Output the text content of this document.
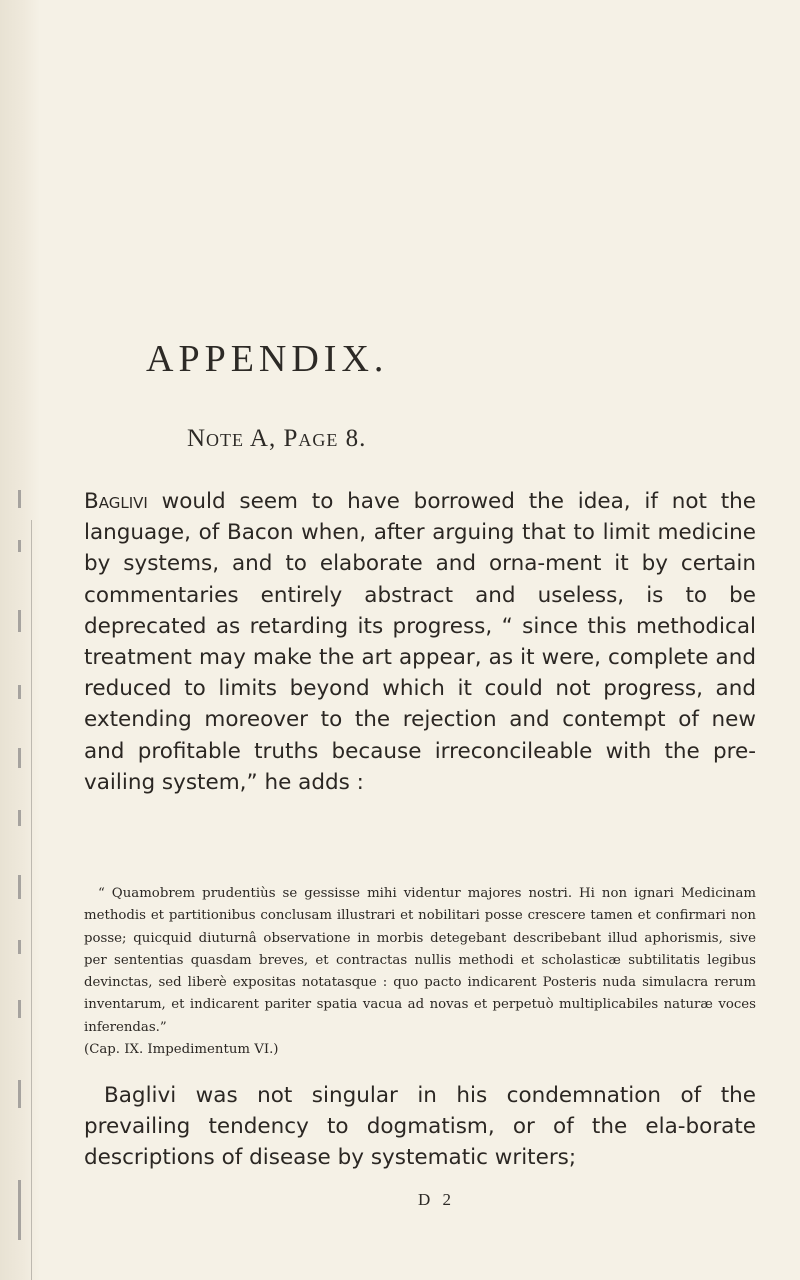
APPENDIX.
Note A, Page 8.

Baglivi would seem to have borrowed the idea, if not the language, of Bacon when, after arguing that to limit medicine by systems, and to elaborate and orna-ment it by certain commentaries entirely abstract and useless, is to be deprecated as retarding its progress, “ since this methodical treatment may make the art appear, as it were, complete and reduced to limits beyond which it could not progress, and extending moreover to the rejection and contempt of new and profitable truths because irreconcileable with the pre-vailing system,” he adds :

“ Quamobrem prudentiùs se gessisse mihi videntur majores nostri. Hi non ignari Medicinam methodis et partitionibus conclusam illustrari et nobilitari posse crescere tamen et confirmari non posse; quicquid diuturnâ observatione in morbis detegebant describebant illud aphorismis, sive per sententias quasdam breves, et contractas nullis methodi et scholasticæ subtilitatis legibus devinctas, sed liberè expositas notatasque : quo pacto indicarent Posteris nuda simulacra rerum inventarum, et indicarent pariter spatia vacua ad novas et perpetuò multiplicabiles naturæ voces inferendas.”
(Cap. IX. Impedimentum VI.)

Baglivi was not singular in his condemnation of the prevailing tendency to dogmatism, or of the ela-borate descriptions of disease by systematic writers;

D 2
